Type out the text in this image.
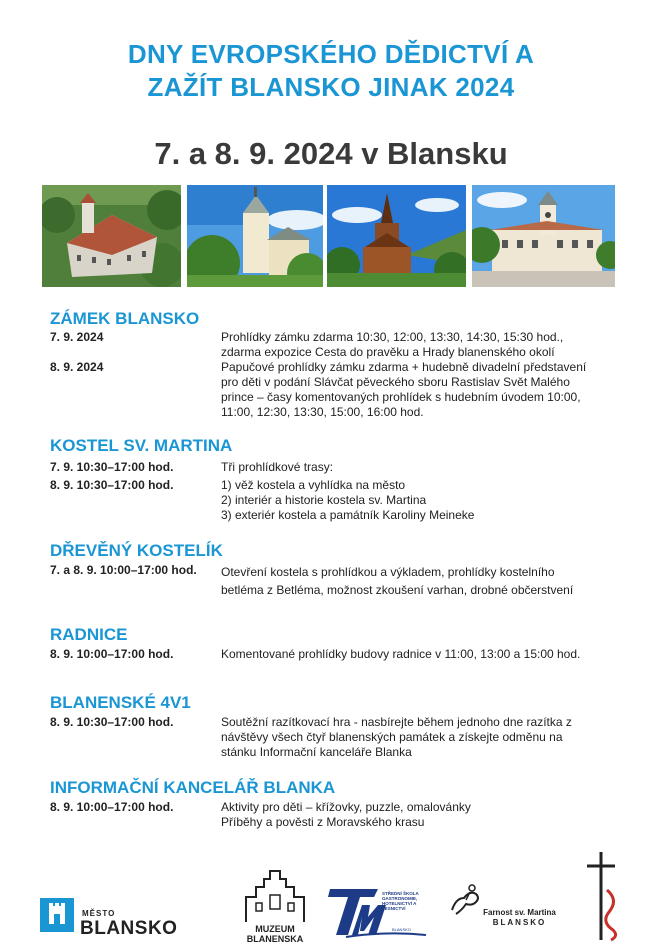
DNY EVROPSKÉHO DĚDICTVÍ A
ZAŽÍT BLANSKO JINAK 2024
7. a 8. 9. 2024 v Blansku
ZÁMEK BLANSKO
7. 9. 2024	Prohlídky zámku zdarma 10:30, 12:00, 13:30, 14:30, 15:30 hod.,
zdarma expozice Cesta do pravěku a Hrady blanenského okolí
8. 9. 2024	Papučové prohlídky zámku zdarma + hudebně divadelní představení
pro děti v podání Slávčat pěveckého sboru Rastislav Svět Malého
prince – časy komentovaných prohlídek s hudebním úvodem 10:00,
11:00, 12:30, 13:30, 15:00, 16:00 hod.
KOSTEL SV. MARTINA
7. 9. 10:30–17:00 hod.	Tři prohlídkové trasy:
8. 9. 10:30–17:00 hod.	1) věž kostela a vyhlídka na město
2) interiér a historie kostela sv. Martina
3) exteriér kostela a památník Karoliny Meineke
DŘEVĚNÝ KOSTELÍK
7. a 8. 9. 10:00–17:00 hod. Otevření kostela s prohlídkou a výkladem, prohlídky kostelního
betléma z Betléma, možnost zkoušení varhan, drobné občerstvení
RADNICE
8. 9. 10:00–17:00 hod.	Komentované prohlídky budovy radnice v 11:00, 13:00 a 15:00 hod.
BLANENSKÉ 4V1
8. 9. 10:30–17:00 hod.	Soutěžní razítkovací hra - nasbírejte během jednoho dne razítka z
návštěvy všech čtyř blanenských památek a získejte odměnu na
stánku Informační kanceláře Blanka
INFORMAČNÍ KANCELÁŘ BLANKA
8. 9. 10:00–17:00 hod.	Aktivity pro děti – křížovky, puzzle, omalovánky
Příběhy a pověsti z Moravského krasu
MĚSTO
BLANSKO	MUZEUM
BLANENSKA
STŘEDNÍ ŠKOLA GASTRONOMIE, HOTELNICTVÍ A LESNICTVÍ
BLANSKO
Farnost sv. Martina
BLANSKO
